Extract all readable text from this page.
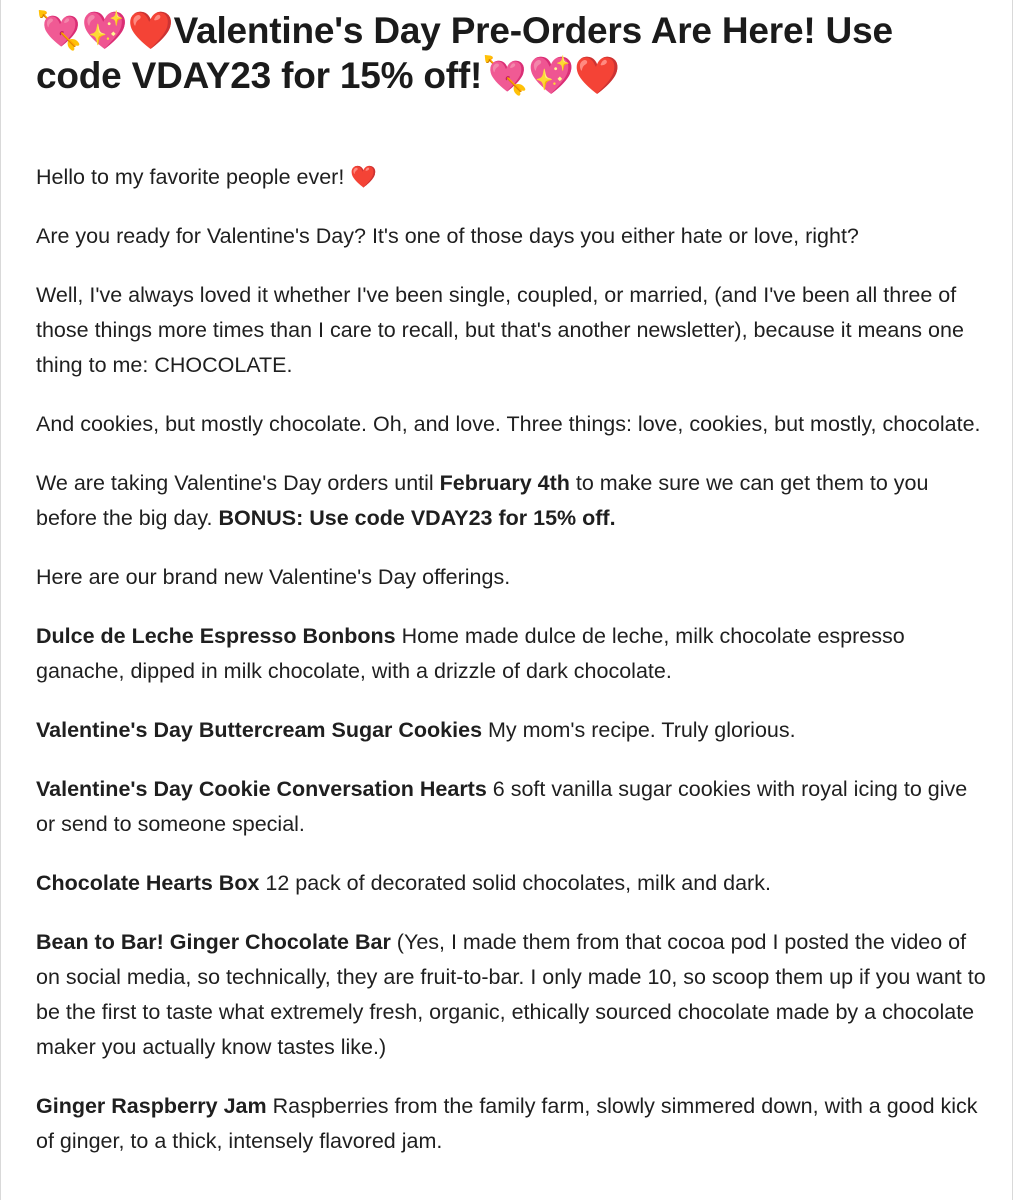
💘💖❤️Valentine's Day Pre-Orders Are Here! Use code VDAY23 for 15% off!💘💖❤️

Hello to my favorite people ever! ❤️

Are you ready for Valentine's Day? It's one of those days you either hate or love, right?

Well, I've always loved it whether I've been single, coupled, or married, (and I've been all three of those things more times than I care to recall, but that's another newsletter), because it means one thing to me: CHOCOLATE.

And cookies, but mostly chocolate. Oh, and love. Three things: love, cookies, but mostly, chocolate.

We are taking Valentine's Day orders until February 4th to make sure we can get them to you before the big day. BONUS: Use code VDAY23 for 15% off.

Here are our brand new Valentine's Day offerings.

Dulce de Leche Espresso Bonbons Home made dulce de leche, milk chocolate espresso ganache, dipped in milk chocolate, with a drizzle of dark chocolate.

Valentine's Day Buttercream Sugar Cookies My mom's recipe. Truly glorious.

Valentine's Day Cookie Conversation Hearts 6 soft vanilla sugar cookies with royal icing to give or send to someone special.

Chocolate Hearts Box 12 pack of decorated solid chocolates, milk and dark.

Bean to Bar! Ginger Chocolate Bar (Yes, I made them from that cocoa pod I posted the video of on social media, so technically, they are fruit-to-bar. I only made 10, so scoop them up if you want to be the first to taste what extremely fresh, organic, ethically sourced chocolate made by a chocolate maker you actually know tastes like.)

Ginger Raspberry Jam Raspberries from the family farm, slowly simmered down, with a good kick of ginger, to a thick, intensely flavored jam.
